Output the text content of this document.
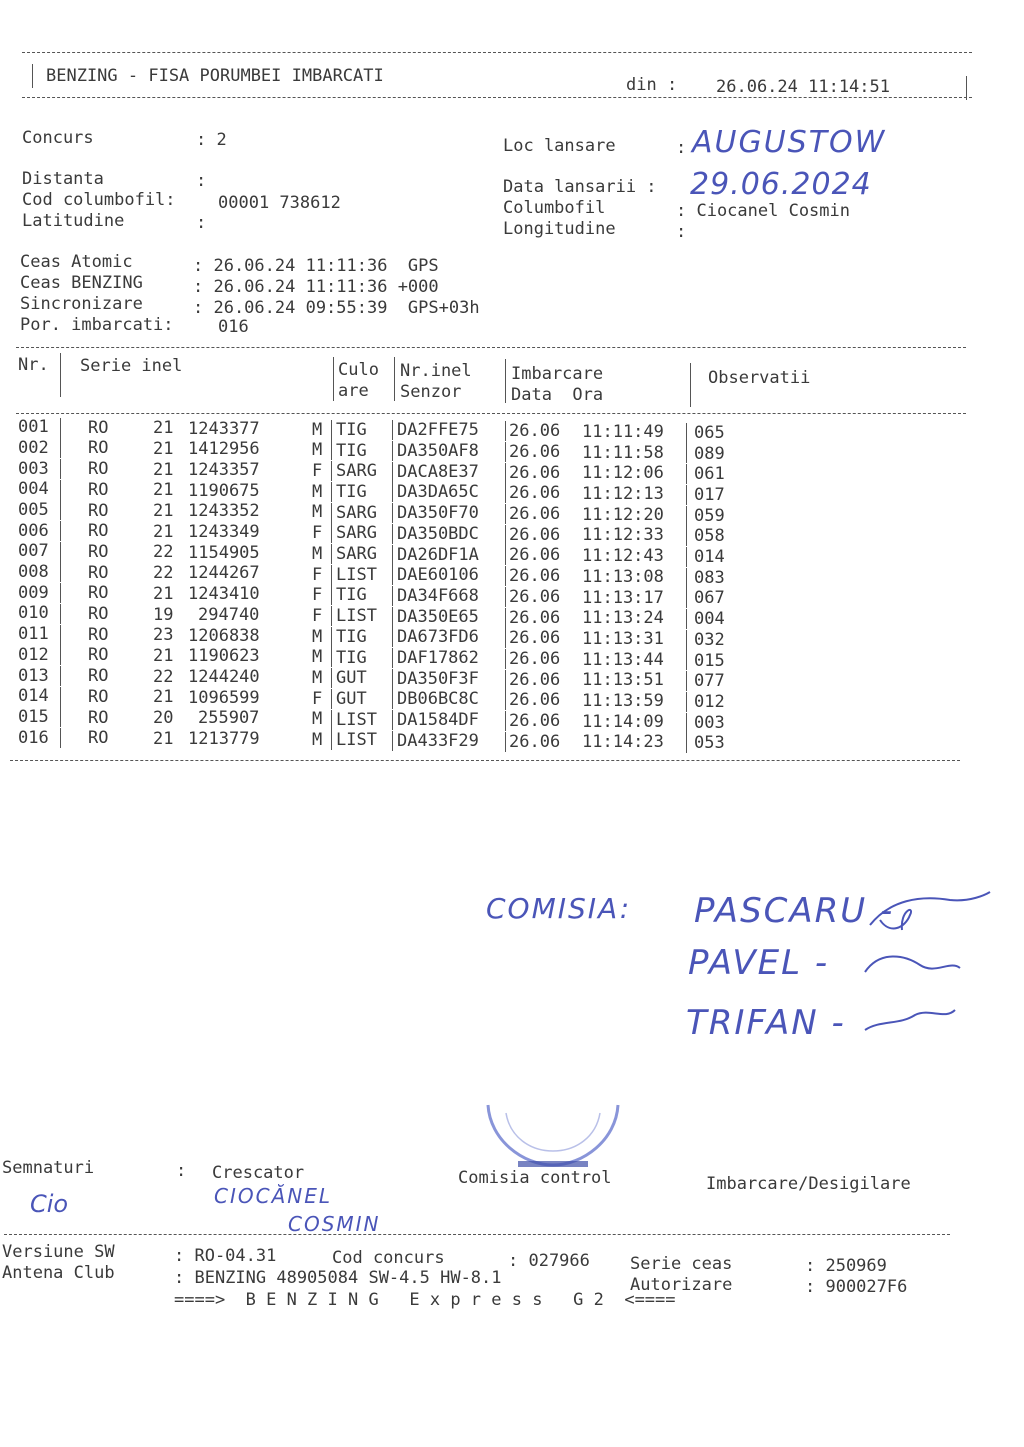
BENZING - FISA PORUMBEI IMBARCATI	din : 26.06.24 11:14:51
Concurs	: 2	Loc lansare	: AUGUSTOW
Distanta	:
Cod columbofil: 00001 738612
Latitudine	:
Data lansarii : 29.06.2024
Columbofil	: Ciocanel Cosmin
Longitudine	:
Ceas Atomic	: 26.06.24 11:11:36  GPS
Ceas BENZING	: 26.06.24 11:11:36 +000
Sincronizare	: 26.06.24 09:55:39  GPS+03h
Por. imbarcati:	016
Nr. Serie inel	Culo
are
Nr.inel
Senzor
Imbarcare
Data  Ora
Observatii
001 RO	21 1243377	M TIG DA2FFE75 26.06 11:11:49 065
002 RO	21 1412956	M TIG DA350AF8 26.06 11:11:58 089
003 RO	21 1243357	F SARG DACA8E37 26.06 11:12:06 061
004 RO	21 1190675	M TIG DA3DA65C 26.06 11:12:13 017
005 RO	21 1243352	M SARG DA350F70 26.06 11:12:20 059
006 RO	21 1243349	F SARG DA350BDC 26.06 11:12:33 058
007 RO	22 1154905	M SARG DA26DF1A 26.06 11:12:43 014
008 RO	22 1244267	F LIST DAE60106 26.06 11:13:08 083
009 RO	21 1243410	F TIG DA34F668 26.06 11:13:17 067
010 RO	19 294740	F LIST DA350E65 26.06 11:13:24 004
011 RO	23 1206838	M TIG DA673FD6 26.06 11:13:31 032
012 RO	21 1190623	M TIG DAF17862 26.06 11:13:44 015
013 RO	22 1244240	M GUT DA350F3F 26.06 11:13:51 077
014 RO	21 1096599	F GUT DB06BC8C 26.06 11:13:59 012
015 RO	20 255907	M LIST DA1584DF 26.06 11:14:09 003
016 RO	21 1213779	M LIST DA433F29 26.06 11:14:23 053
COMISIA: PASCARU -
PAVEL -
TRIFAN -
Semnaturi	: Crescator	Comisia control	Imbarcare/Desigilare
CIOCĂNEL
COSMIN
Cio
Versiune SW	: RO-04.31	Cod concurs	: 027966 Serie ceas	: 250969
Antena Club	: BENZING 48905084 SW-4.5 HW-8.1	Autorizare	: 900027F6
====>  B E N Z I N G   E x p r e s s   G 2  <====
